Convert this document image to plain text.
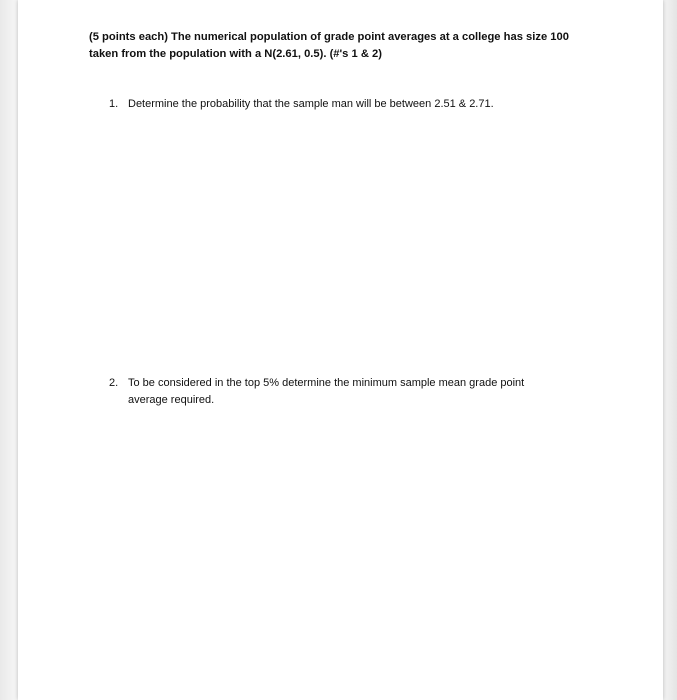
(5 points each) The numerical population of grade point averages at a college has size 100
taken from the population with a N(2.61, 0.5). (#'s 1 & 2)
1. Determine the probability that the sample man will be between 2.51 & 2.71.
2. To be considered in the top 5% determine the minimum sample mean grade point
average required.
